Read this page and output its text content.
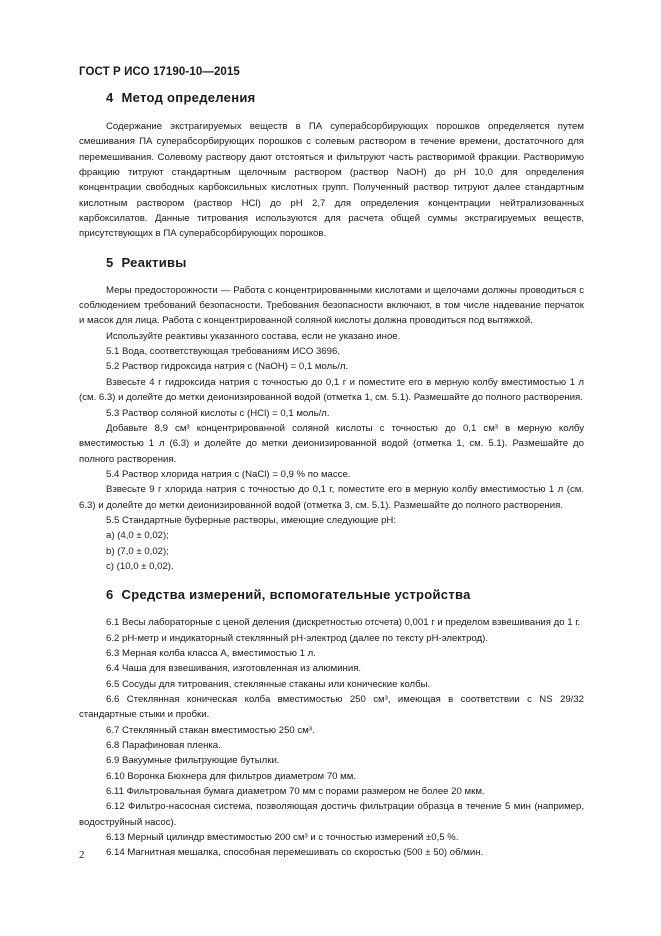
ГОСТ Р ИСО 17190-10—2015
4 Метод определения

Содержание экстрагируемых веществ в ПА суперабсорбирующих порошков определяется путем смешивания ПА суперабсорбирующих порошков с солевым раствором в течение времени, достаточного для перемешивания. Солевому раствору дают отстояться и фильтруют часть растворимой фракции. Растворимую фракцию титруют стандартным щелочным раствором (раствор NaOH) до pH 10,0 для определения концентрации свободных карбоксильных кислотных групп. Полученный раствор титруют далее стандартным кислотным раствором (раствор HCl) до pH 2,7 для определения концентрации нейтрализованных карбоксилатов. Данные титрования используются для расчета общей суммы экстрагируемых веществ, присутствующих в ПА суперабсорбирующих порошков.

5 Реактивы

Меры предосторожности — Работа с концентрированными кислотами и щелочами должны проводиться с соблюдением требований безопасности. Требования безопасности включают, в том числе надевание перчаток и масок для лица. Работа с концентрированной соляной кислоты должна проводиться под вытяжкой.

Используйте реактивы указанного состава, если не указано иное.

5.1 Вода, соответствующая требованиям ИСО 3696.

5.2 Раствор гидроксида натрия с (NaOH) = 0,1 моль/л.

Взвесьте 4 г гидроксида натрия с точностью до 0,1 г и поместите его в мерную колбу вместимостью 1 л (см. 6.3) и долейте до метки деионизированной водой (отметка 1, см. 5.1). Размешайте до полного растворения.

5.3 Раствор соляной кислоты с (HCl) = 0,1 моль/л.

Добавьте 8,9 см³ концентрированной соляной кислоты с точностью до 0,1 см³ в мерную колбу вместимостью 1 л (6.3) и долейте до метки деионизированной водой (отметка 1, см. 5.1). Размешайте до полного растворения.

5.4 Раствор хлорида натрия с (NaCl) = 0,9 % по массе.

Взвесьте 9 г хлорида натрия с точностью до 0,1 г, поместите его в мерную колбу вместимостью 1 л (см. 6.3) и долейте до метки деионизированной водой (отметка 3, см. 5.1). Размешайте до полного растворения.

5.5 Стандартные буферные растворы, имеющие следующие pH:

a) (4,0 ± 0,02);

b) (7,0 ± 0,02);

c) (10,0 ± 0,02).

6 Средства измерений, вспомогательные устройства

6.1 Весы лабораторные с ценой деления (дискретностью отсчета) 0,001 г и пределом взвешивания до 1 г.

6.2 pH-метр и индикаторный стеклянный pH-электрод (далее по тексту pH-электрод).

6.3 Мерная колба класса А, вместимостью 1 л.

6.4 Чаша для взвешивания, изготовленная из алюминия.

6.5 Сосуды для титрования, стеклянные стаканы или конические колбы.

6.6 Стеклянная коническая колба вместимостью 250 см³, имеющая в соответствии с NS 29/32 стандартные стыки и пробки.

6.7 Стеклянный стакан вместимостью 250 см³.

6.8 Парафиновая пленка.

6.9 Вакуумные фильтрующие бутылки.

6.10 Воронка Бюхнера для фильтров диаметром 70 мм.

6.11 Фильтровальная бумага диаметром 70 мм с порами размером не более 20 мкм.

6.12 Фильтро-насосная система, позволяющая достичь фильтрации образца в течение 5 мин (например, водоструйный насос).

6.13 Мерный цилиндр вместимостью 200 см³ и с точностью измерений ±0,5 %.

6.14 Магнитная мешалка, способная перемешивать со скоростью (500 ± 50) об/мин.

2
